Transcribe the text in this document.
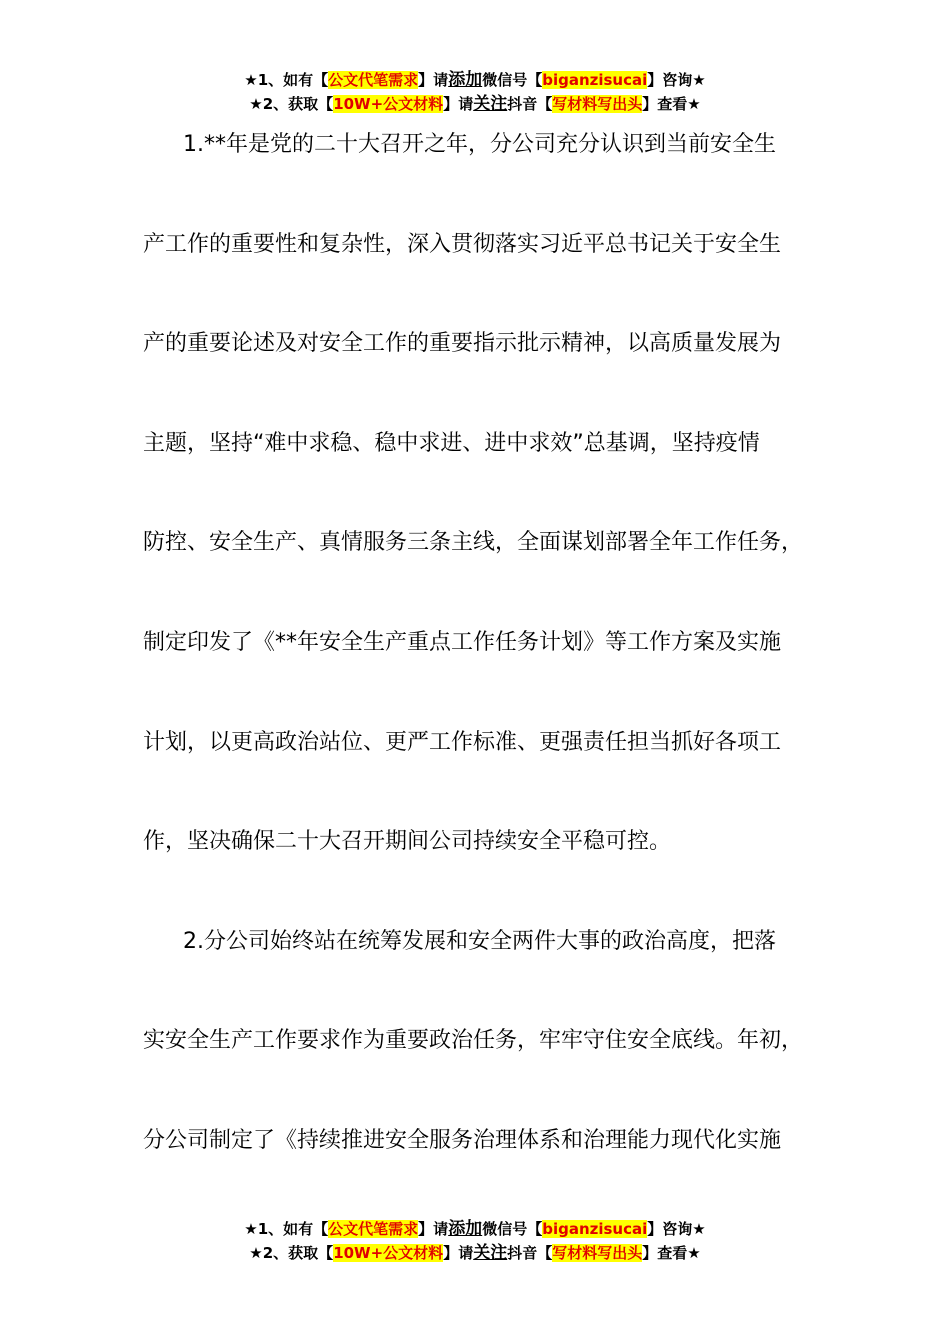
★1、如有【公文代笔需求】请添加微信号【biganzisucai】咨询★
★2、获取【10W+公文材料】请关注抖音【写材料写出头】查看★

1.**年是党的二十大召开之年，分公司充分认识到当前安全生
产工作的重要性和复杂性，深入贯彻落实习近平总书记关于安全生
产的重要论述及对安全工作的重要指示批示精神，以高质量发展为
主题，坚持“难中求稳、稳中求进、进中求效”总基调，坚持疫情
防控、安全生产、真情服务三条主线，全面谋划部署全年工作任务，
制定印发了《**年安全生产重点工作任务计划》等工作方案及实施
计划，以更高政治站位、更严工作标准、更强责任担当抓好各项工
作，坚决确保二十大召开期间公司持续安全平稳可控。

2.分公司始终站在统筹发展和安全两件大事的政治高度，把落
实安全生产工作要求作为重要政治任务，牢牢守住安全底线。年初，
分公司制定了《持续推进安全服务治理体系和治理能力现代化实施

★1、如有【公文代笔需求】请添加微信号【biganzisucai】咨询★
★2、获取【10W+公文材料】请关注抖音【写材料写出头】查看★
